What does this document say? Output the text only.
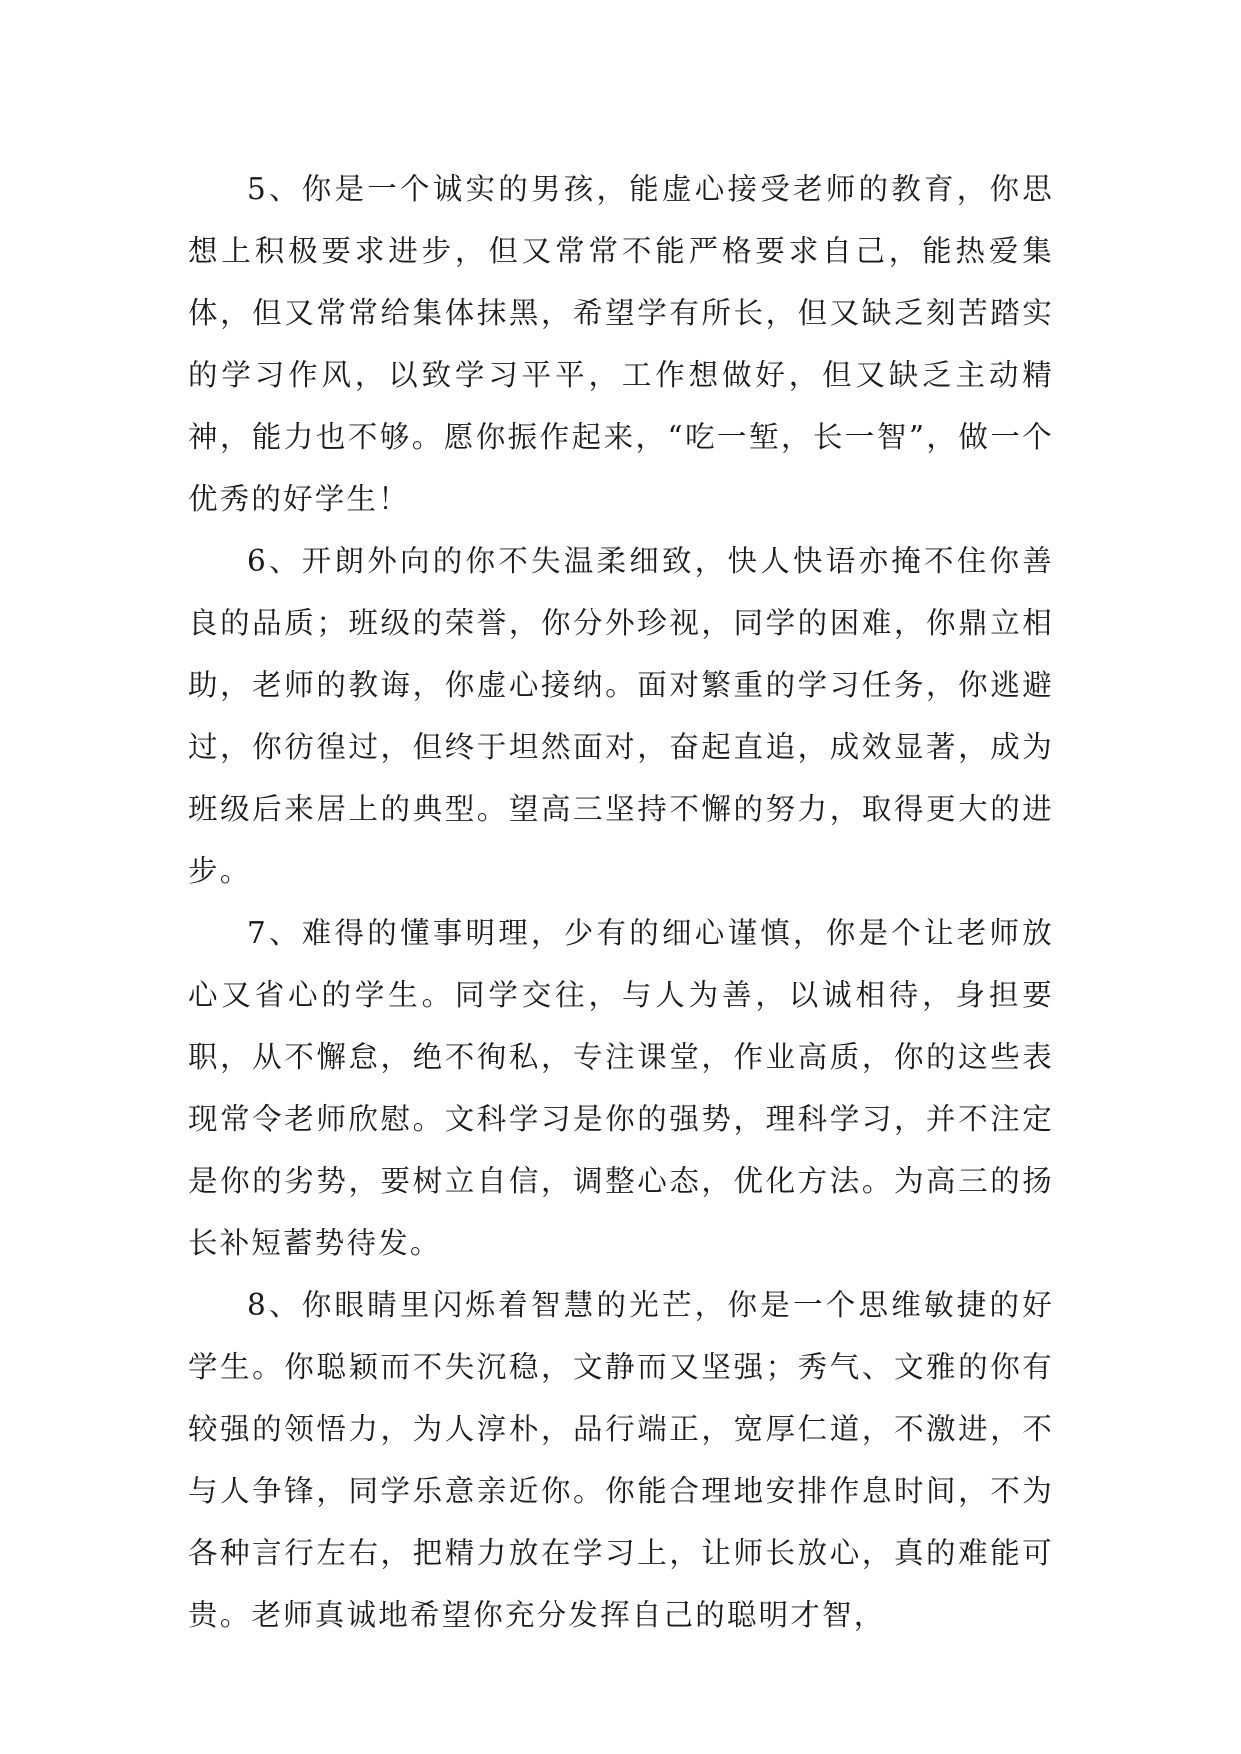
5、你是一个诚实的男孩，能虚心接受老师的教育，你思想上积极要求进步，但又常常不能严格要求自己，能热爱集体，但又常常给集体抹黑，希望学有所长，但又缺乏刻苦踏实的学习作风，以致学习平平，工作想做好，但又缺乏主动精神，能力也不够。愿你振作起来，“吃一堑，长一智”，做一个优秀的好学生！

6、开朗外向的你不失温柔细致，快人快语亦掩不住你善良的品质；班级的荣誉，你分外珍视，同学的困难，你鼎立相助，老师的教诲，你虚心接纳。面对繁重的学习任务，你逃避过，你彷徨过，但终于坦然面对，奋起直追，成效显著，成为班级后来居上的典型。望高三坚持不懈的努力，取得更大的进步。

7、难得的懂事明理，少有的细心谨慎，你是个让老师放心又省心的学生。同学交往，与人为善，以诚相待，身担要职，从不懈怠，绝不徇私，专注课堂，作业高质，你的这些表现常令老师欣慰。文科学习是你的强势，理科学习，并不注定是你的劣势，要树立自信，调整心态，优化方法。为高三的扬长补短蓄势待发。

8、你眼睛里闪烁着智慧的光芒，你是一个思维敏捷的好学生。你聪颖而不失沉稳，文静而又坚强；秀气、文雅的你有较强的领悟力，为人淳朴，品行端正，宽厚仁道，不激进，不与人争锋，同学乐意亲近你。你能合理地安排作息时间，不为各种言行左右，把精力放在学习上，让师长放心，真的难能可贵。老师真诚地希望你充分发挥自己的聪明才智，
